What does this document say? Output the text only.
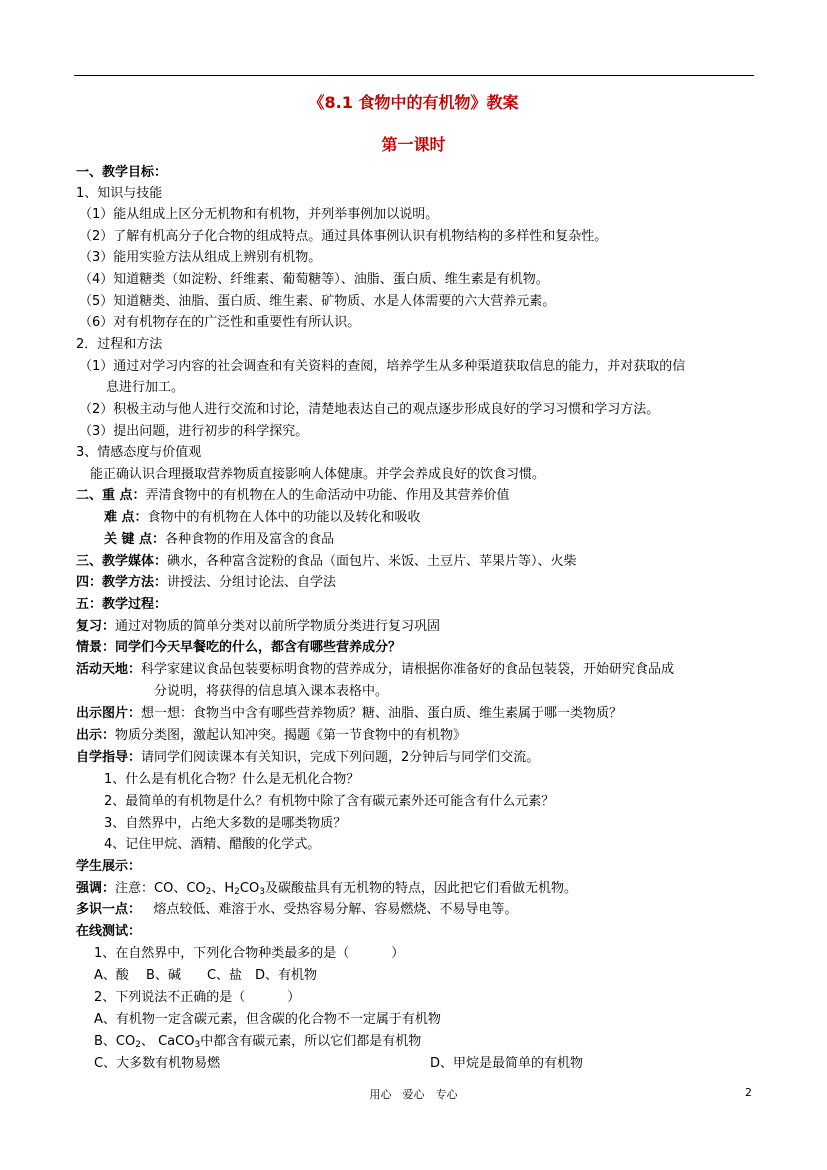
《8.1 食物中的有机物》教案
第一课时
一、教学目标：
1、知识与技能
（1）能从组成上区分无机物和有机物，并列举事例加以说明。
（2）了解有机高分子化合物的组成特点。通过具体事例认识有机物结构的多样性和复杂性。
（3）能用实验方法从组成上辨别有机物。
（4）知道糖类（如淀粉、纤维素、葡萄糖等）、油脂、蛋白质、维生素是有机物。
（5）知道糖类、油脂、蛋白质、维生素、矿物质、水是人体需要的六大营养元素。
（6）对有机物存在的广泛性和重要性有所认识。
2．过程和方法
（1）通过对学习内容的社会调查和有关资料的查阅，培养学生从多种渠道获取信息的能力，并对获取的信
息进行加工。
（2）积极主动与他人进行交流和讨论，清楚地表达自己的观点逐步形成良好的学习习惯和学习方法。
（3）提出问题，进行初步的科学探究。
3、情感态度与价值观
能正确认识合理摄取营养物质直接影响人体健康。并学会养成良好的饮食习惯。
二、重 点：弄清食物中的有机物在人的生命活动中功能、作用及其营养价值
难 点：食物中的有机物在人体中的功能以及转化和吸收
关 键 点：各种食物的作用及富含的食品
三、教学媒体：碘水，各种富含淀粉的食品（面包片、米饭、土豆片、苹果片等）、火柴
四：教学方法：讲授法、分组讨论法、自学法
五：教学过程：
复习：通过对物质的简单分类对以前所学物质分类进行复习巩固
情景：同学们今天早餐吃的什么，都含有哪些营养成分？
活动天地：科学家建议食品包装要标明食物的营养成分，请根据你准备好的食品包装袋，开始研究食品成
分说明，将获得的信息填入课本表格中。
出示图片：想一想：食物当中含有哪些营养物质？糖、油脂、蛋白质、维生素属于哪一类物质？
出示：物质分类图，激起认知冲突。揭题《第一节食物中的有机物》
自学指导：请同学们阅读课本有关知识，完成下列问题，2分钟后与同学们交流。
1、什么是有机化合物？什么是无机化合物？
2、最简单的有机物是什么？有机物中除了含有碳元素外还可能含有什么元素？
3、自然界中，占绝大多数的是哪类物质？
4、记住甲烷、酒精、醋酸的化学式。
学生展示：
强调：注意：CO、$CO_2$、$H_2CO_3$及碳酸盐具有无机物的特点，因此把它们看做无机物。
多识一点： 熔点较低、难溶于水、受热容易分解、容易燃烧、不易导电等。
在线测试：
1、在自然界中，下列化合物种类最多的是（	）
A、酸　 B、碱　　C、盐　D、有机物
2、下列说法不正确的是（	）
A、有机物一定含碳元素，但含碳的化合物不一定属于有机物
B、$CO_2$、 CaCO$_3$中都含有碳元素，所以它们都是有机物
C、大多数有机物易燃	D、甲烷是最简单的有机物
用心　爱心　专心	2
